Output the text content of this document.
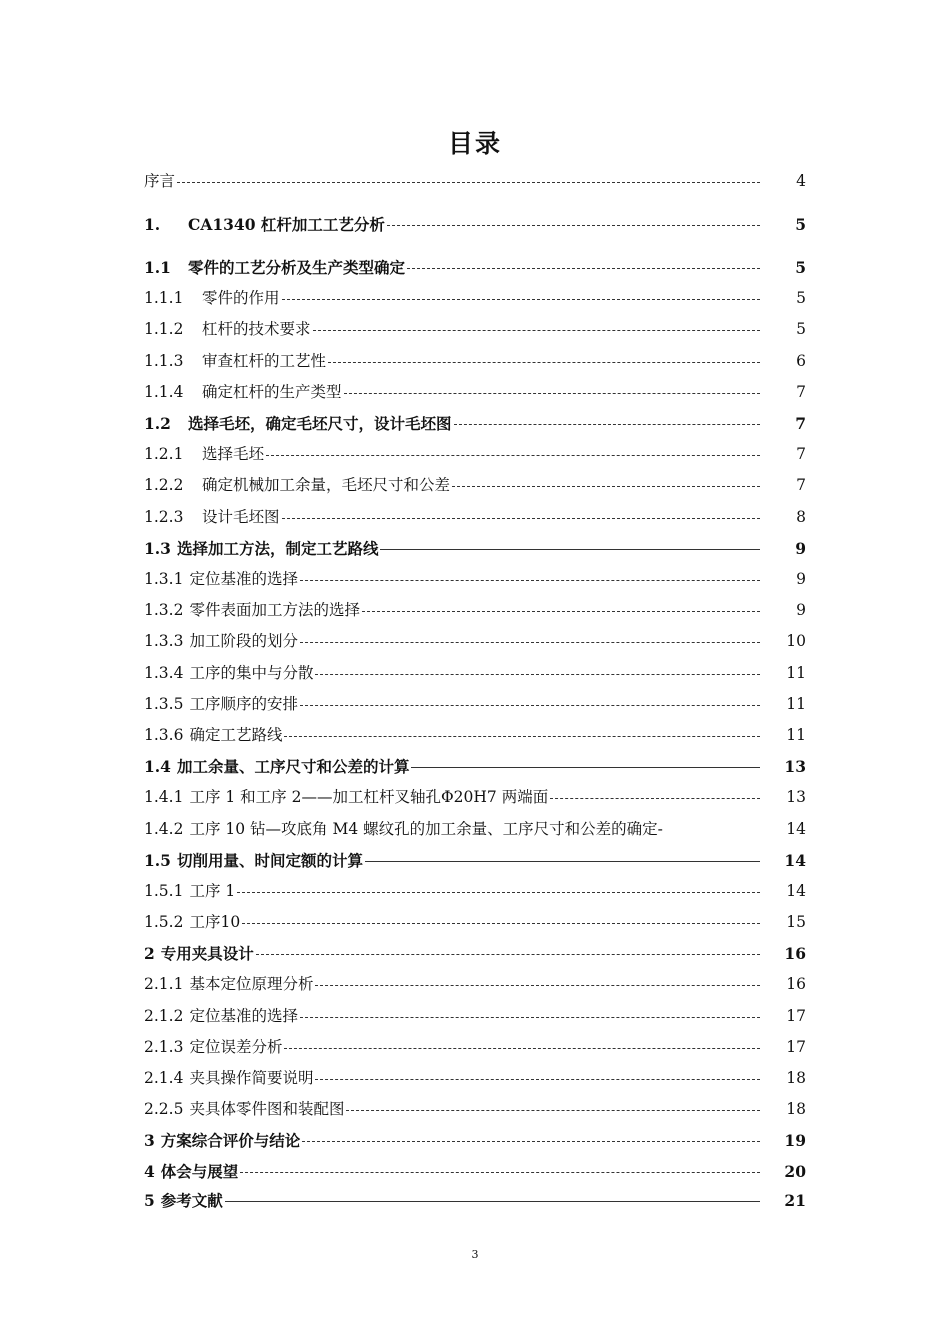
目录
序言	4
1.	CA1340 杠杆加工工艺分析	5
1.1	零件的工艺分析及生产类型确定	5
1.1.1	零件的作用	5
1.1.2	杠杆的技术要求	5
1.1.3	审查杠杆的工艺性	6
1.1.4	确定杠杆的生产类型	7
1.2	选择毛坯，确定毛坯尺寸，设计毛坯图	7
1.2.1	选择毛坯	7
1.2.2	确定机械加工余量，毛坯尺寸和公差	7
1.2.3	设计毛坯图	8
1.3 选择加工方法，制定工艺路线	9
1.3.1 定位基准的选择	9
1.3.2 零件表面加工方法的选择	9
1.3.3 加工阶段的划分	10
1.3.4 工序的集中与分散	11
1.3.5 工序顺序的安排	11
1.3.6 确定工艺路线	11
1.4 加工余量、工序尺寸和公差的计算	13
1.4.1 工序 1 和工序 2——加工杠杆叉轴孔Φ20H7 两端面	13
1.4.2 工序 10 钻—攻底角 M4 螺纹孔的加工余量、工序尺寸和公差的确定-	14
1.5 切削用量、时间定额的计算	14
1.5.1 工序 1	14
1.5.2 工序10	15
2 专用夹具设计	16
2.1.1 基本定位原理分析	16
2.1.2 定位基准的选择	17
2.1.3 定位误差分析	17
2.1.4 夹具操作简要说明	18
2.2.5 夹具体零件图和装配图	18
3 方案综合评价与结论	19
4 体会与展望	20
5 参考文献	21
3
